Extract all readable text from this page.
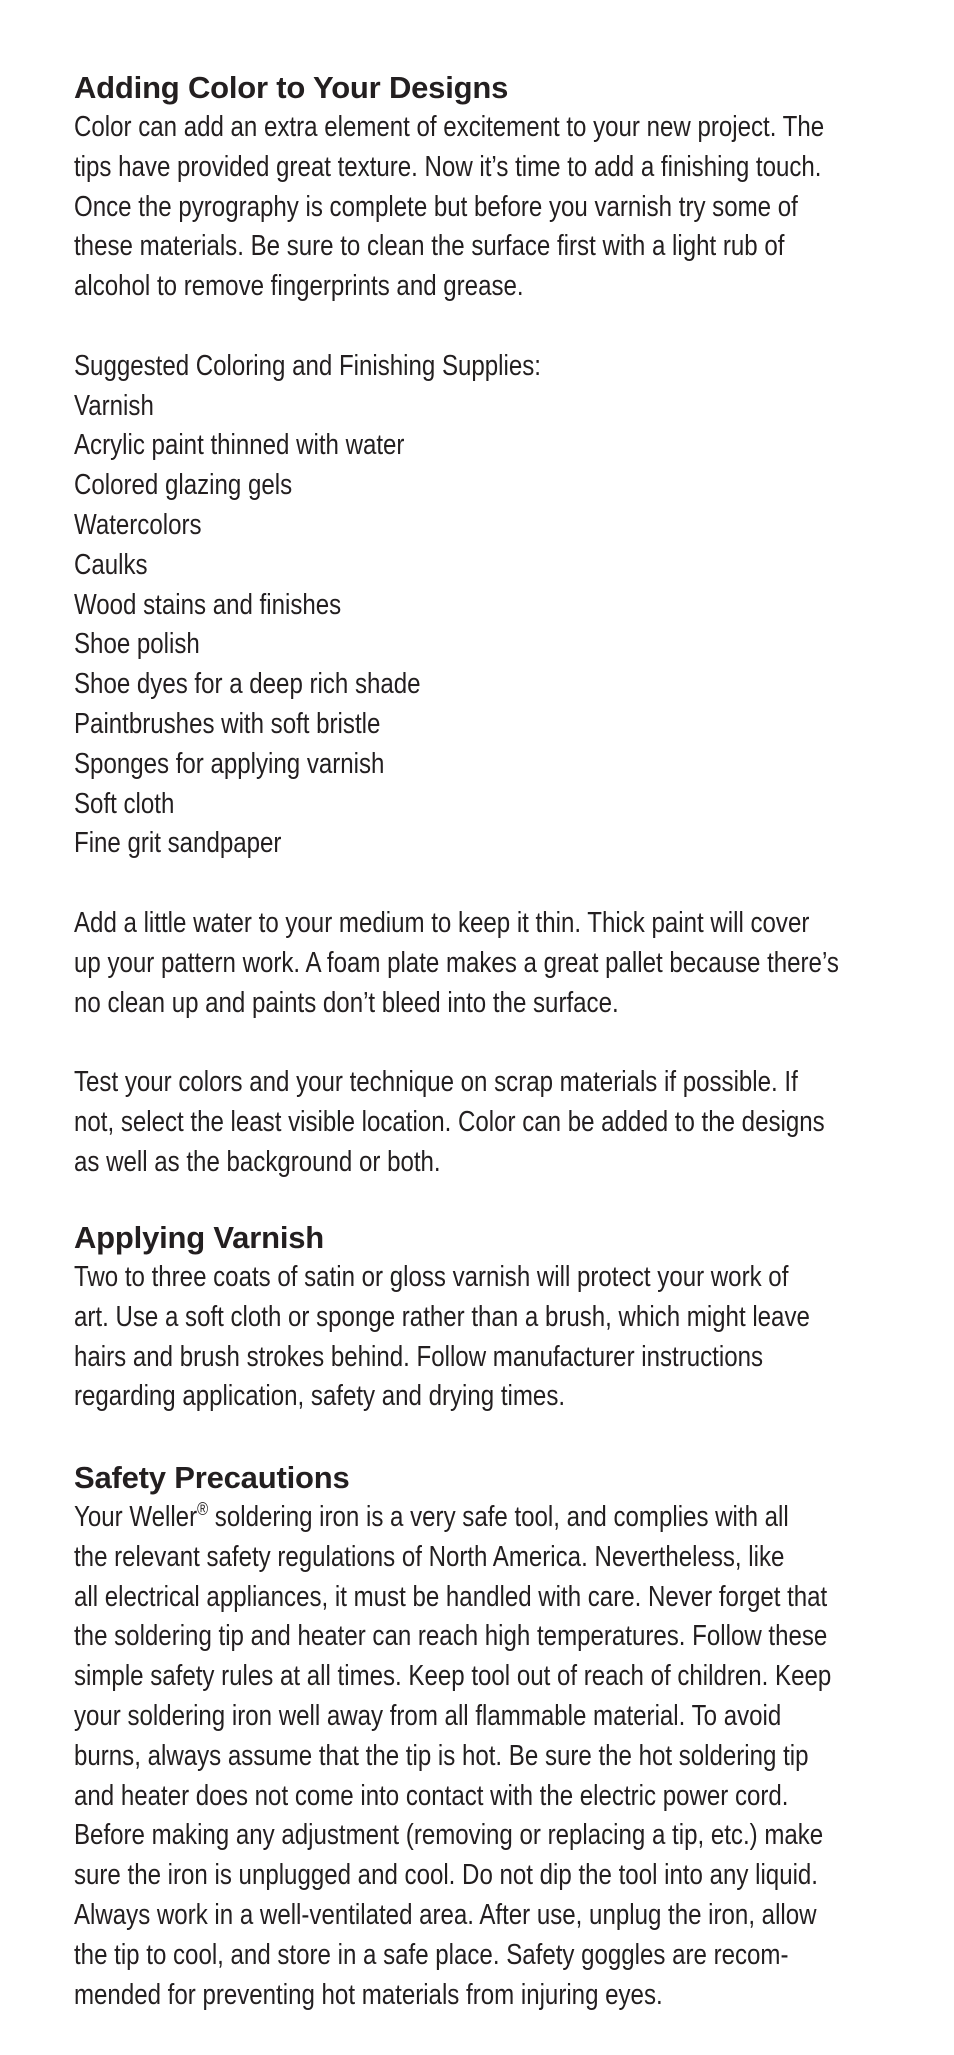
Adding Color to Your Designs
Color can add an extra element of excitement to your new project. The
tips have provided great texture. Now it’s time to add a finishing touch.
Once the pyrography is complete but before you varnish try some of
these materials. Be sure to clean the surface first with a light rub of
alcohol to remove fingerprints and grease.
Suggested Coloring and Finishing Supplies:
Varnish
Acrylic paint thinned with water
Colored glazing gels
Watercolors
Caulks
Wood stains and finishes
Shoe polish
Shoe dyes for a deep rich shade
Paintbrushes with soft bristle
Sponges for applying varnish
Soft cloth
Fine grit sandpaper
Add a little water to your medium to keep it thin. Thick paint will cover
up your pattern work. A foam plate makes a great pallet because there’s
no clean up and paints don’t bleed into the surface.
Test your colors and your technique on scrap materials if possible. If
not, select the least visible location. Color can be added to the designs
as well as the background or both.
Applying Varnish
Two to three coats of satin or gloss varnish will protect your work of
art. Use a soft cloth or sponge rather than a brush, which might leave
hairs and brush strokes behind. Follow manufacturer instructions
regarding application, safety and drying times.
Safety Precautions
Your Weller® soldering iron is a very safe tool, and complies with all
the relevant safety regulations of North America. Nevertheless, like
all electrical appliances, it must be handled with care. Never forget that
the soldering tip and heater can reach high temperatures. Follow these
simple safety rules at all times. Keep tool out of reach of children. Keep
your soldering iron well away from all flammable material. To avoid
burns, always assume that the tip is hot. Be sure the hot soldering tip
and heater does not come into contact with the electric power cord.
Before making any adjustment (removing or replacing a tip, etc.) make
sure the iron is unplugged and cool. Do not dip the tool into any liquid.
Always work in a well-ventilated area. After use, unplug the iron, allow
the tip to cool, and store in a safe place. Safety goggles are recom-
mended for preventing hot materials from injuring eyes.
